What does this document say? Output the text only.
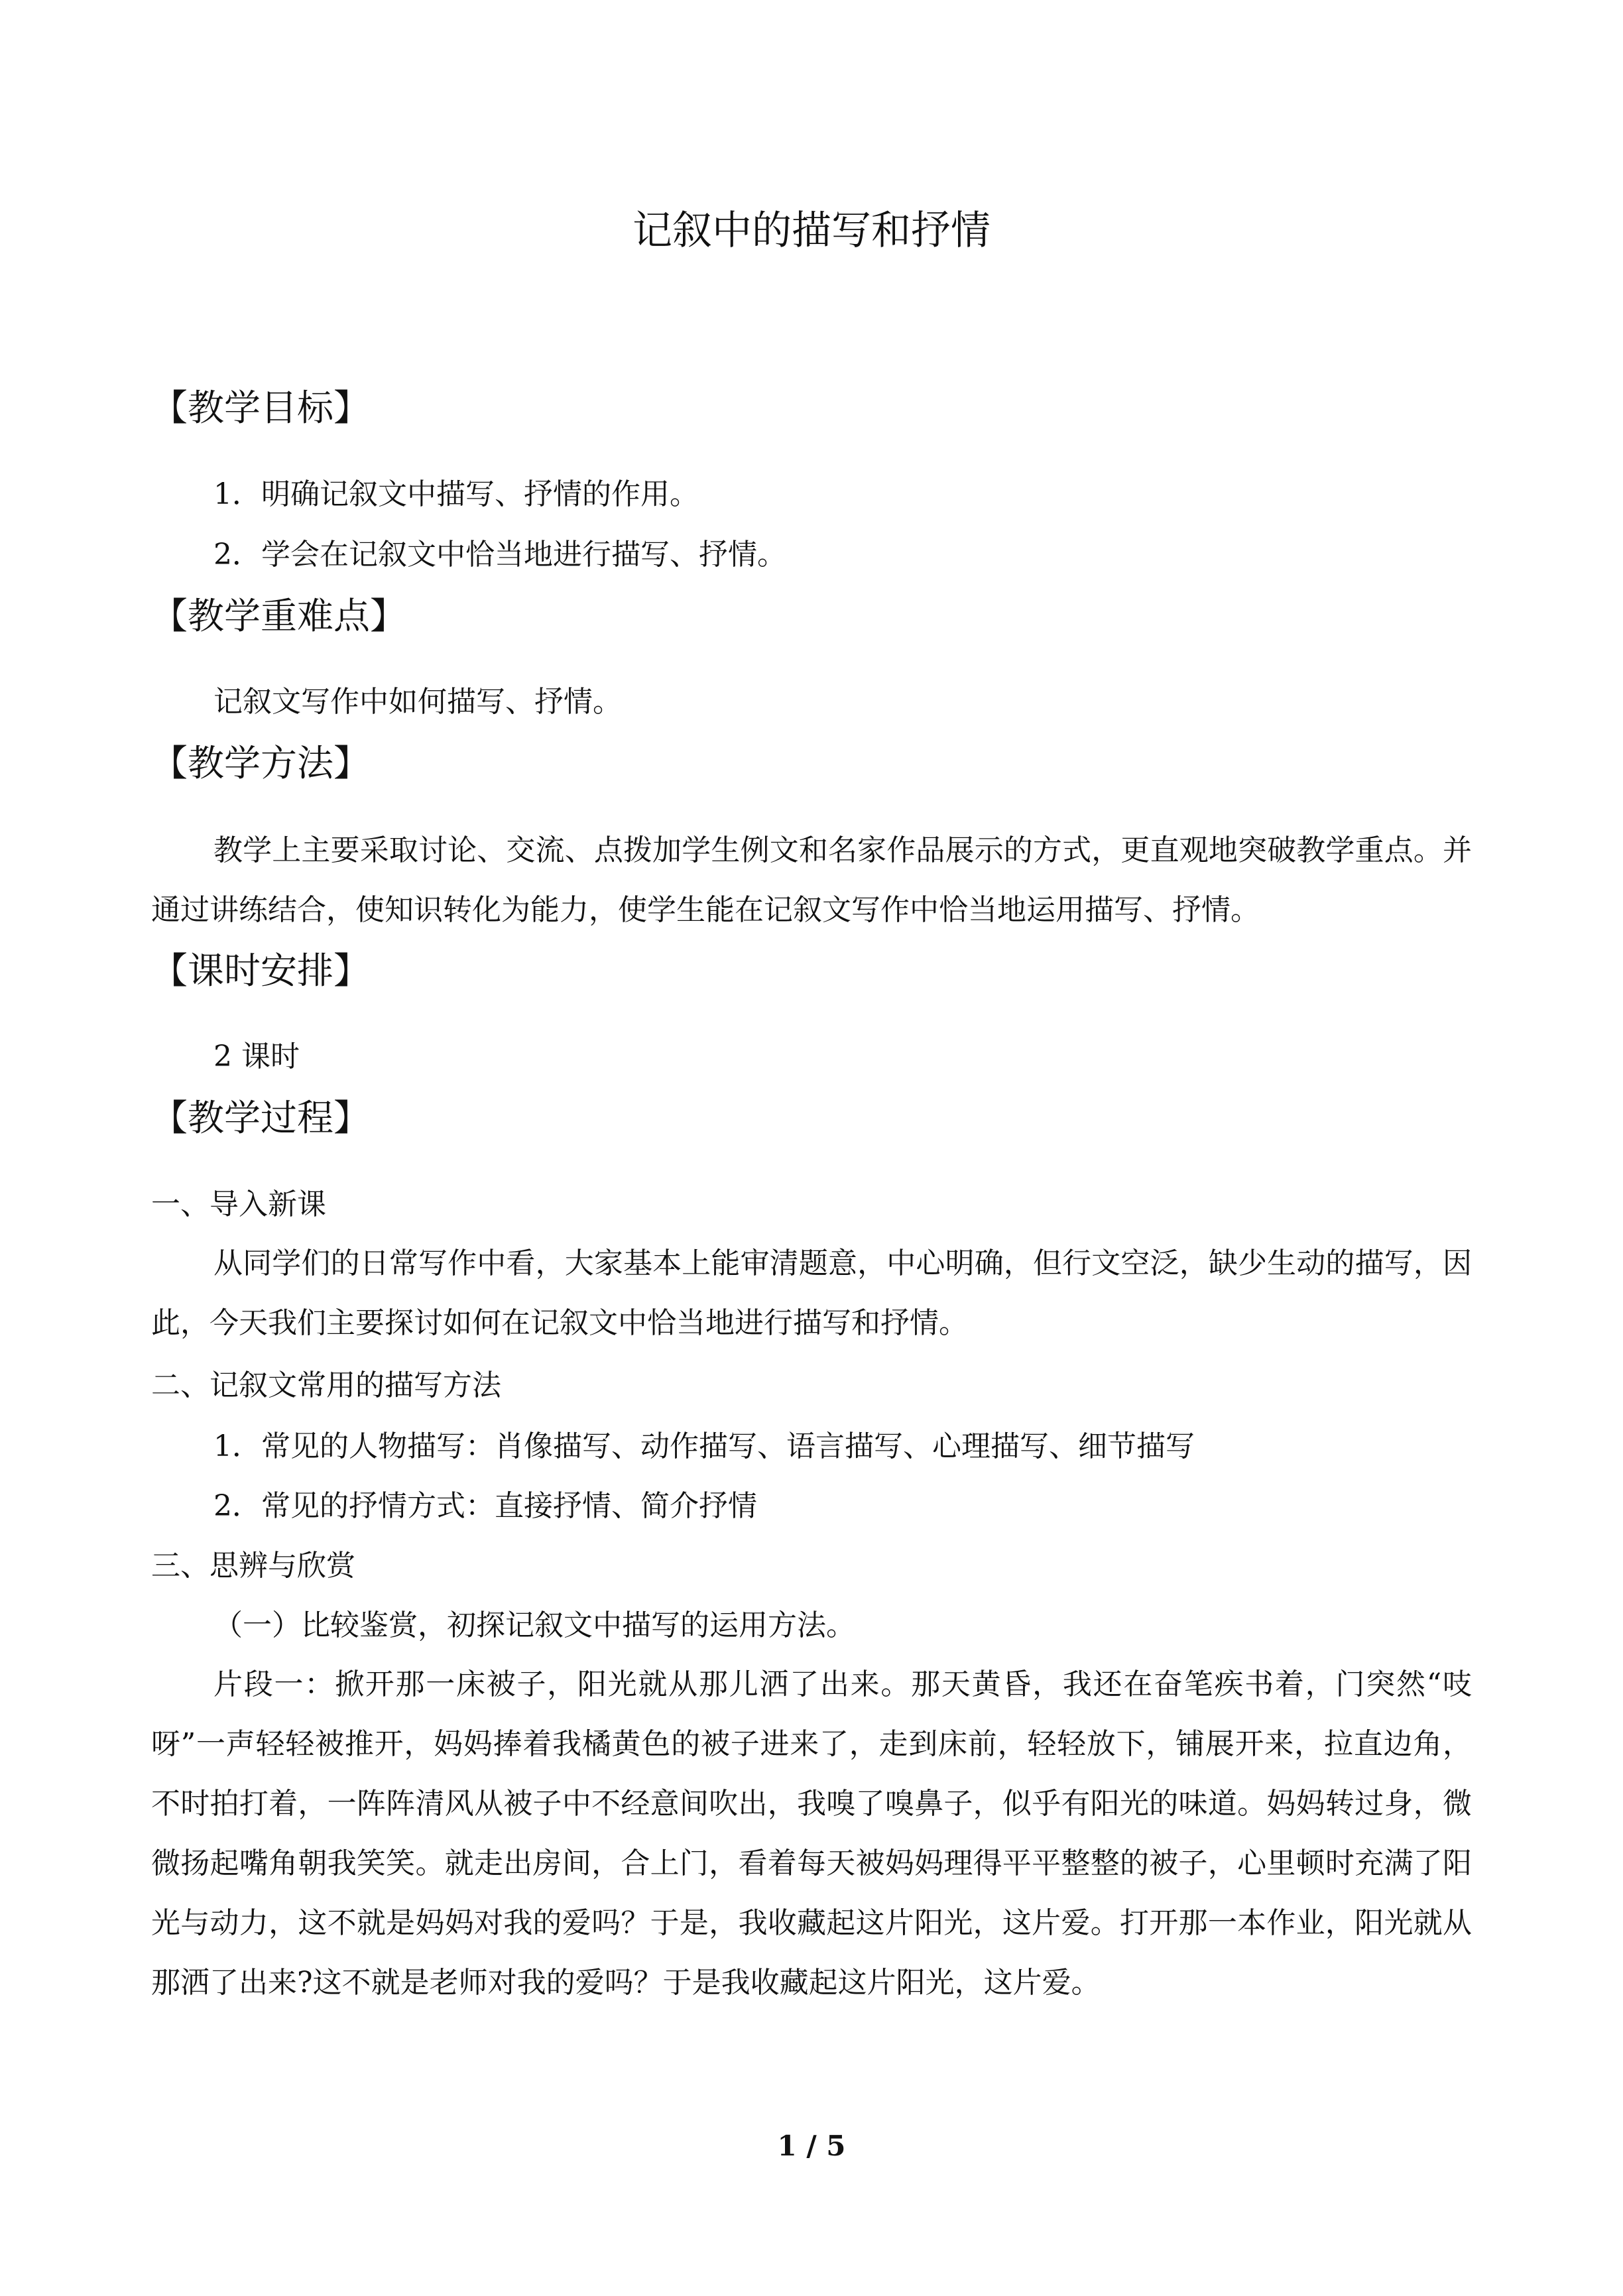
记叙中的描写和抒情
【教学目标】
1．明确记叙文中描写、抒情的作用。
2．学会在记叙文中恰当地进行描写、抒情。
【教学重难点】
记叙文写作中如何描写、抒情。
【教学方法】

教学上主要采取讨论、交流、点拨加学生例文和名家作品展示的方式，更直观地突破教学重点。并通过讲练结合，使知识转化为能力，使学生能在记叙文写作中恰当地运用描写、抒情。

【课时安排】
2 课时
【教学过程】
一、导入新课

从同学们的日常写作中看，大家基本上能审清题意，中心明确，但行文空泛，缺少生动的描写，因此，今天我们主要探讨如何在记叙文中恰当地进行描写和抒情。

二、记叙文常用的描写方法
1．常见的人物描写：肖像描写、动作描写、语言描写、心理描写、细节描写
2．常见的抒情方式：直接抒情、简介抒情
三、思辨与欣赏
（一）比较鉴赏，初探记叙文中描写的运用方法。

片段一：掀开那一床被子，阳光就从那儿洒了出来。那天黄昏，我还在奋笔疾书着，门突然“吱呀”一声轻轻被推开，妈妈捧着我橘黄色的被子进来了，走到床前，轻轻放下，铺展开来，拉直边角，不时拍打着，一阵阵清风从被子中不经意间吹出，我嗅了嗅鼻子，似乎有阳光的味道。妈妈转过身，微微扬起嘴角朝我笑笑。就走出房间，合上门，看着每天被妈妈理得平平整整的被子，心里顿时充满了阳光与动力，这不就是妈妈对我的爱吗？于是，我收藏起这片阳光，这片爱。打开那一本作业，阳光就从那洒了出来?这不就是老师对我的爱吗？于是我收藏起这片阳光，这片爱。

1 / 5
